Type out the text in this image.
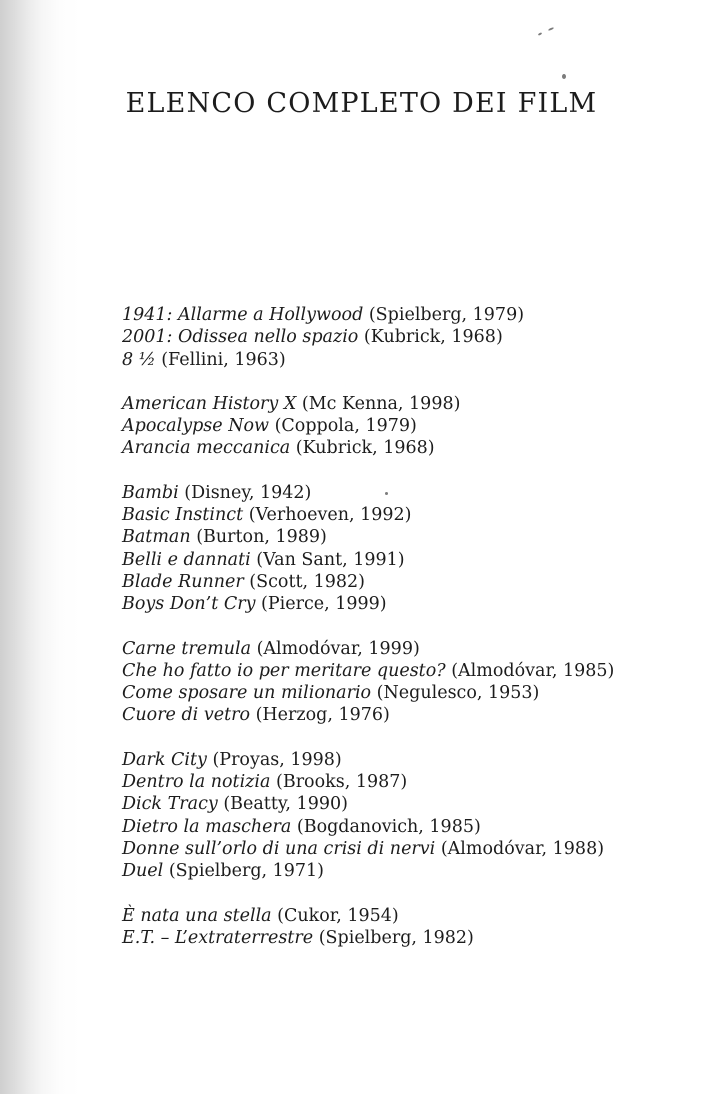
ELENCO COMPLETO DEI FILM
1941: Allarme a Hollywood (Spielberg, 1979)
2001: Odissea nello spazio (Kubrick, 1968)
8 ½ (Fellini, 1963)
American History X (Mc Kenna, 1998)
Apocalypse Now (Coppola, 1979)
Arancia meccanica (Kubrick, 1968)
Bambi (Disney, 1942)
Basic Instinct (Verhoeven, 1992)
Batman (Burton, 1989)
Belli e dannati (Van Sant, 1991)
Blade Runner (Scott, 1982)
Boys Don’t Cry (Pierce, 1999)
Carne tremula (Almodóvar, 1999)
Che ho fatto io per meritare questo? (Almodóvar, 1985)
Come sposare un milionario (Negulesco, 1953)
Cuore di vetro (Herzog, 1976)
Dark City (Proyas, 1998)
Dentro la notizia (Brooks, 1987)
Dick Tracy (Beatty, 1990)
Dietro la maschera (Bogdanovich, 1985)
Donne sull’orlo di una crisi di nervi (Almodóvar, 1988)
Duel (Spielberg, 1971)
È nata una stella (Cukor, 1954)
E.T. – L’extraterrestre (Spielberg, 1982)
